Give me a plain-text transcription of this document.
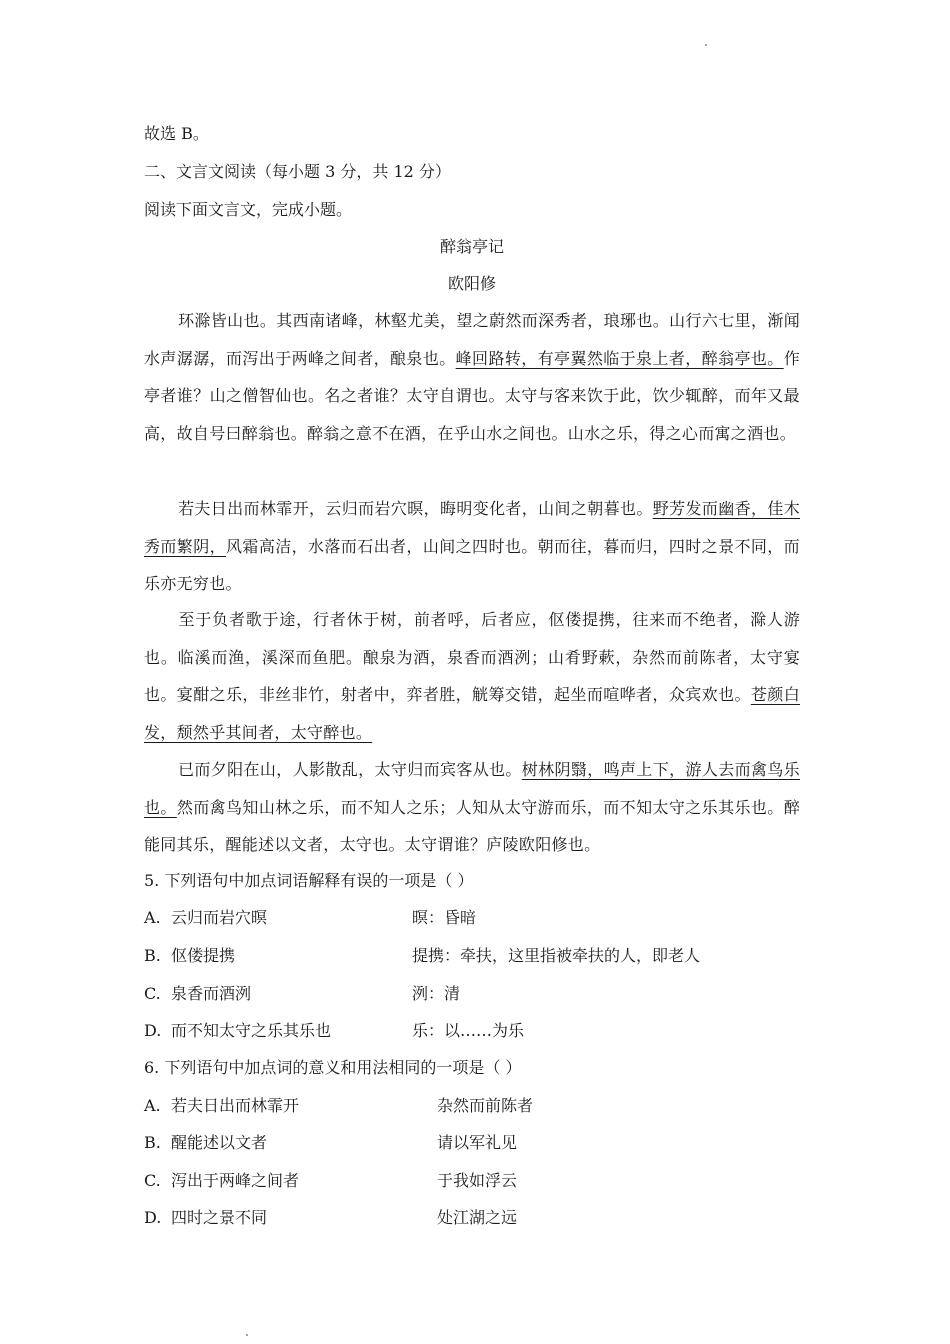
故选 B。
二、文言文阅读（每小题 3 分，共 12 分）
阅读下面文言文，完成小题。
醉翁亭记
欧阳修

环滁皆山也。其西南诸峰，林壑尤美，望之蔚然而深秀者，琅琊也。山行六七里，渐闻水声潺潺，而泻出于两峰之间者，酿泉也。峰回路转，有亭翼然临于泉上者，醉翁亭也。作亭者谁？山之僧智仙也。名之者谁？太守自谓也。太守与客来饮于此，饮少辄醉，而年又最高，故自号曰醉翁也。醉翁之意不在酒，在乎山水之间也。山水之乐，得之心而寓之酒也。

若夫日出而林霏开，云归而岩穴暝，晦明变化者，山间之朝暮也。野芳发而幽香，佳木秀而繁阴，风霜高洁，水落而石出者，山间之四时也。朝而往，暮而归，四时之景不同，而乐亦无穷也。

至于负者歌于途，行者休于树，前者呼，后者应，伛偻提携，往来而不绝者，滁人游也。临溪而渔，溪深而鱼肥。酿泉为酒，泉香而酒洌；山肴野蔌，杂然而前陈者，太守宴也。宴酣之乐，非丝非竹，射者中，弈者胜，觥筹交错，起坐而喧哗者，众宾欢也。苍颜白发，颓然乎其间者，太守醉也。

已而夕阳在山，人影散乱，太守归而宾客从也。树林阴翳，鸣声上下，游人去而禽鸟乐也。然而禽鸟知山林之乐，而不知人之乐；人知从太守游而乐，而不知太守之乐其乐也。醉能同其乐，醒能述以文者，太守也。太守谓谁？庐陵欧阳修也。

5. 下列语句中加点词语解释有误的一项是（ ）
A. 云归而岩穴暝	暝：昏暗
B. 伛偻提携	提携：牵扶，这里指被牵扶的人，即老人
C. 泉香而酒洌	洌：清
D. 而不知太守之乐其乐也	乐：以……为乐
6. 下列语句中加点词的意义和用法相同的一项是（ ）
A. 若夫日出而林霏开	杂然而前陈者
B. 醒能述以文者	请以军礼见
C. 泻出于两峰之间者	于我如浮云
D. 四时之景不同	处江湖之远
